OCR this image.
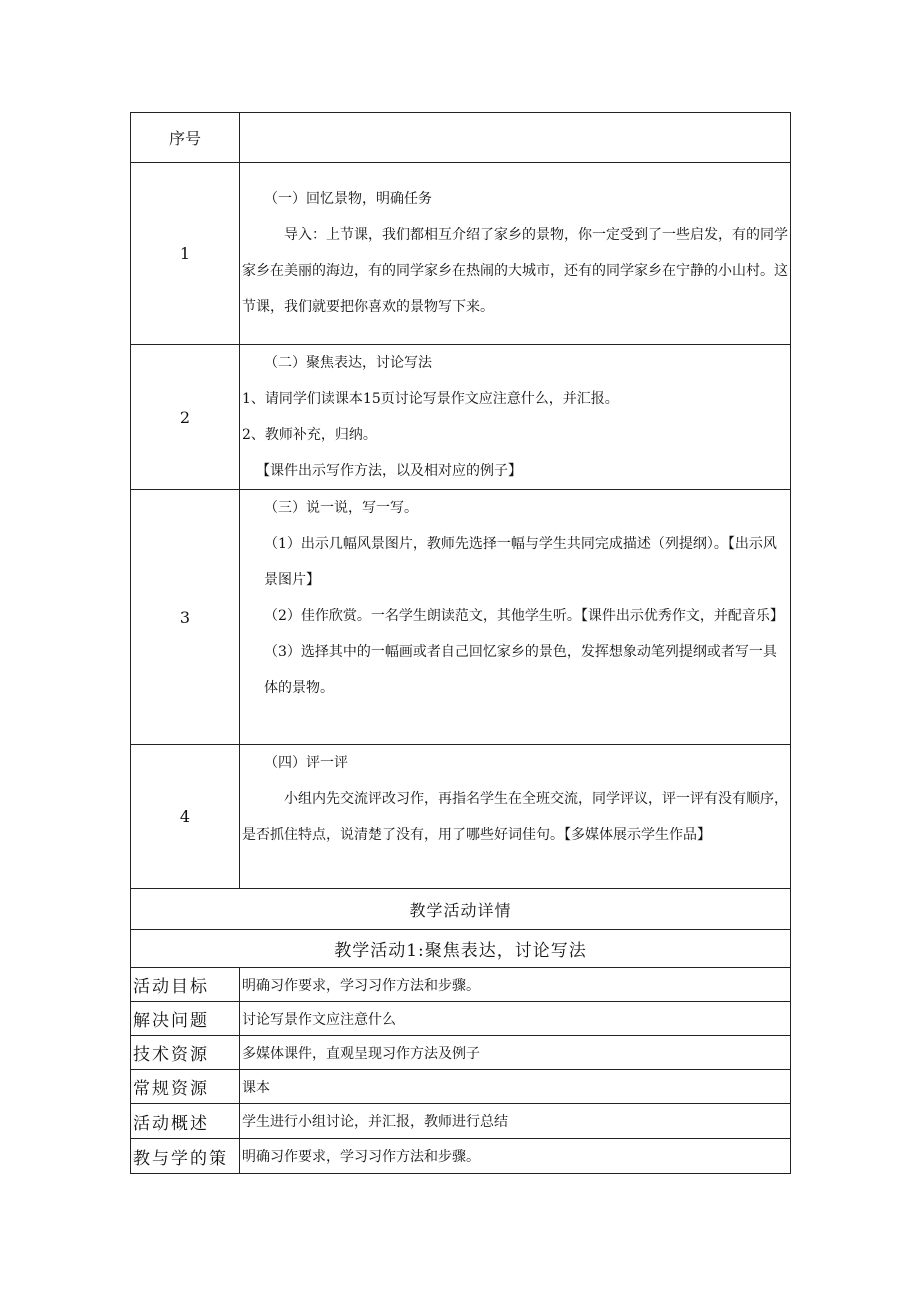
序号	
1	（一）回忆景物，明确任务

导入：上节课，我们都相互介绍了家乡的景物，你一定受到了一些启发，有的同学家乡在美丽的海边，有的同学家乡在热闹的大城市，还有的同学家乡在宁静的小山村。这节课，我们就要把你喜欢的景物写下来。

2	（二）聚焦表达，讨论写法

1、请同学们读课本15页讨论写景作文应注意什么，并汇报。

2、教师补充，归纳。

【课件出示写作方法，以及相对应的例子】

3	（三）说一说，写一写。

（1）出示几幅风景图片，教师先选择一幅与学生共同完成描述（列提纲）。【出示风景图片】

（2）佳作欣赏。一名学生朗读范文，其他学生听。【课件出示优秀作文，并配音乐】

（3）选择其中的一幅画或者自己回忆家乡的景色，发挥想象动笔列提纲或者写一具体的景物。

4	（四）评一评

小组内先交流评改习作，再指名学生在全班交流，同学评议，评一评有没有顺序，是否抓住特点，说清楚了没有，用了哪些好词佳句。【多媒体展示学生作品】

教学活动详情	
教学活动1:聚焦表达，讨论写法	
活动目标	明确习作要求，学习习作方法和步骤。
解决问题	讨论写景作文应注意什么
技术资源	多媒体课件，直观呈现习作方法及例子
常规资源	课本
活动概述	学生进行小组讨论，并汇报，教师进行总结
教与学的策	明确习作要求，学习习作方法和步骤。
